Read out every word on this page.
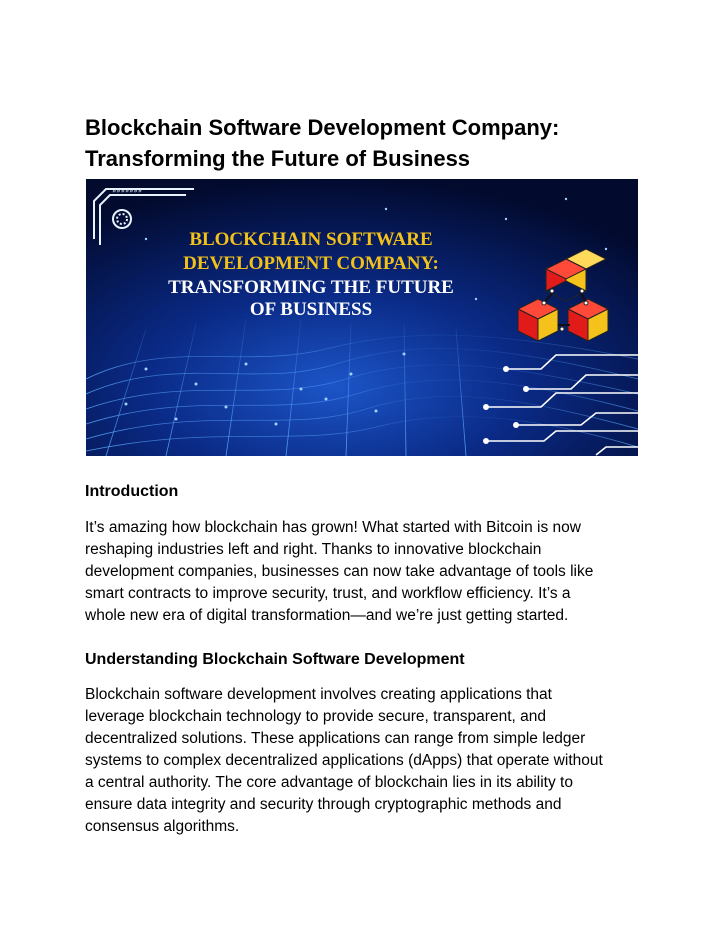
Blockchain Software Development Company:
Transforming the Future of Business
»»»»»»»
BLOCKCHAIN SOFTWARE
DEVELOPMENT COMPANY:
TRANSFORMING THE FUTURE
OF BUSINESS
Introduction
It’s amazing how blockchain has grown! What started with Bitcoin is now
reshaping industries left and right. Thanks to innovative blockchain
development companies, businesses can now take advantage of tools like
smart contracts to improve security, trust, and workflow efficiency. It’s a
whole new era of digital transformation—and we’re just getting started.
Understanding Blockchain Software Development
Blockchain software development involves creating applications that
leverage blockchain technology to provide secure, transparent, and
decentralized solutions. These applications can range from simple ledger
systems to complex decentralized applications (dApps) that operate without
a central authority. The core advantage of blockchain lies in its ability to
ensure data integrity and security through cryptographic methods and
consensus algorithms.
